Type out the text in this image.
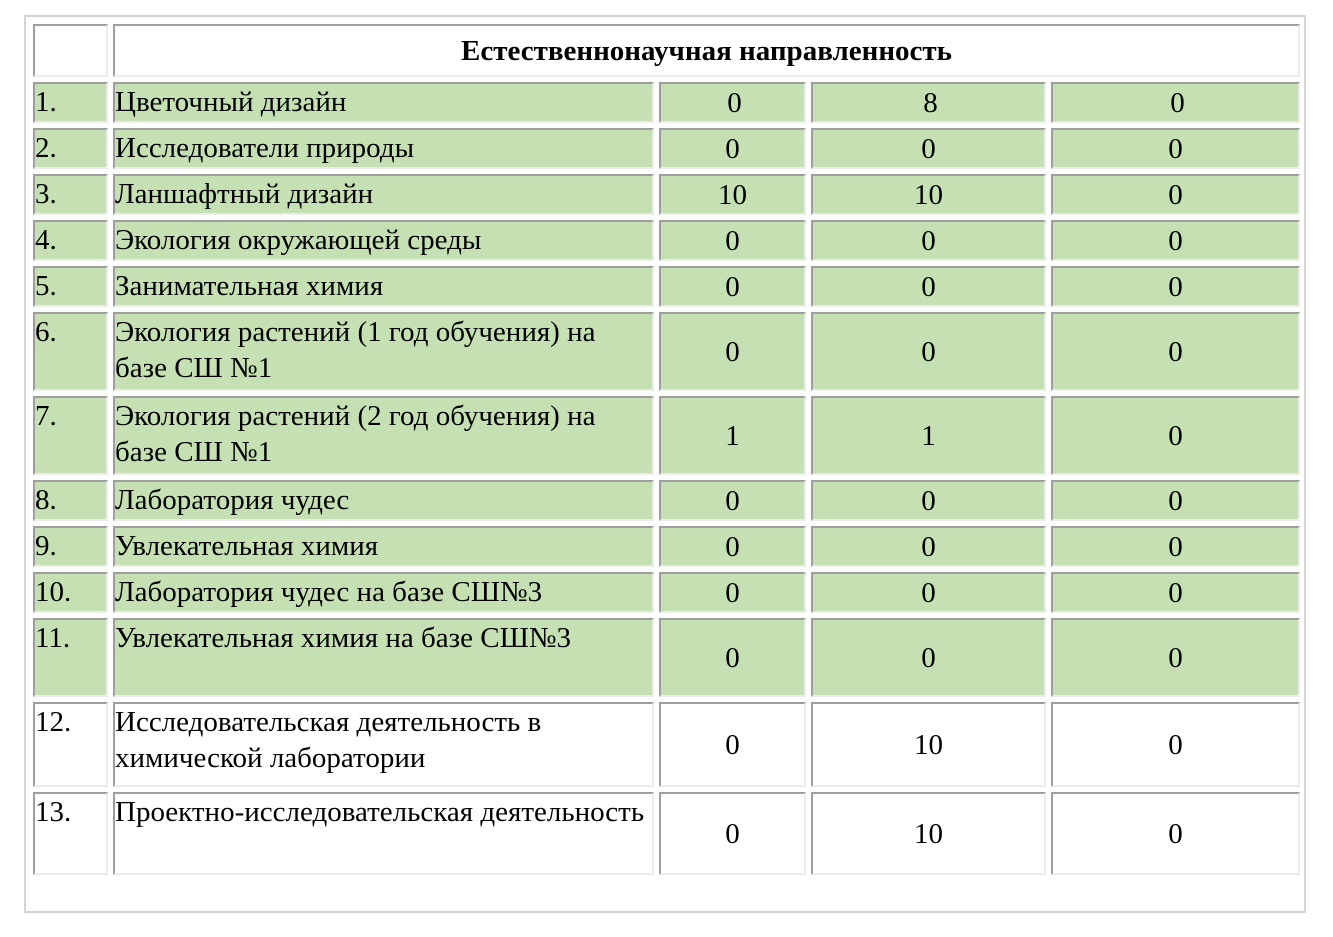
	Естественнонаучная направленность			
1.	Цветочный дизайн	0	8	0
2.	Исследователи природы	0	0	0
3.	Ланшафтный дизайн	10	10	0
4.	Экология окружающей среды	0	0	0
5.	Занимательная химия	0	0	0
6.	Экология растений (1 год обучения) на базе СШ №1	0	0	0
7.	Экология растений (2 год обучения) на базе СШ №1	1	1	0
8.	Лаборатория чудес	0	0	0
9.	Увлекательная химия	0	0	0
10.	Лаборатория чудес на базе СШ№3	0	0	0
11.	Увлекательная химия на базе СШ№3	0	0	0
12.	Исследовательская деятельность в химической лаборатории	0	10	0
13.	Проектно-исследовательская деятельность	0	10	0
